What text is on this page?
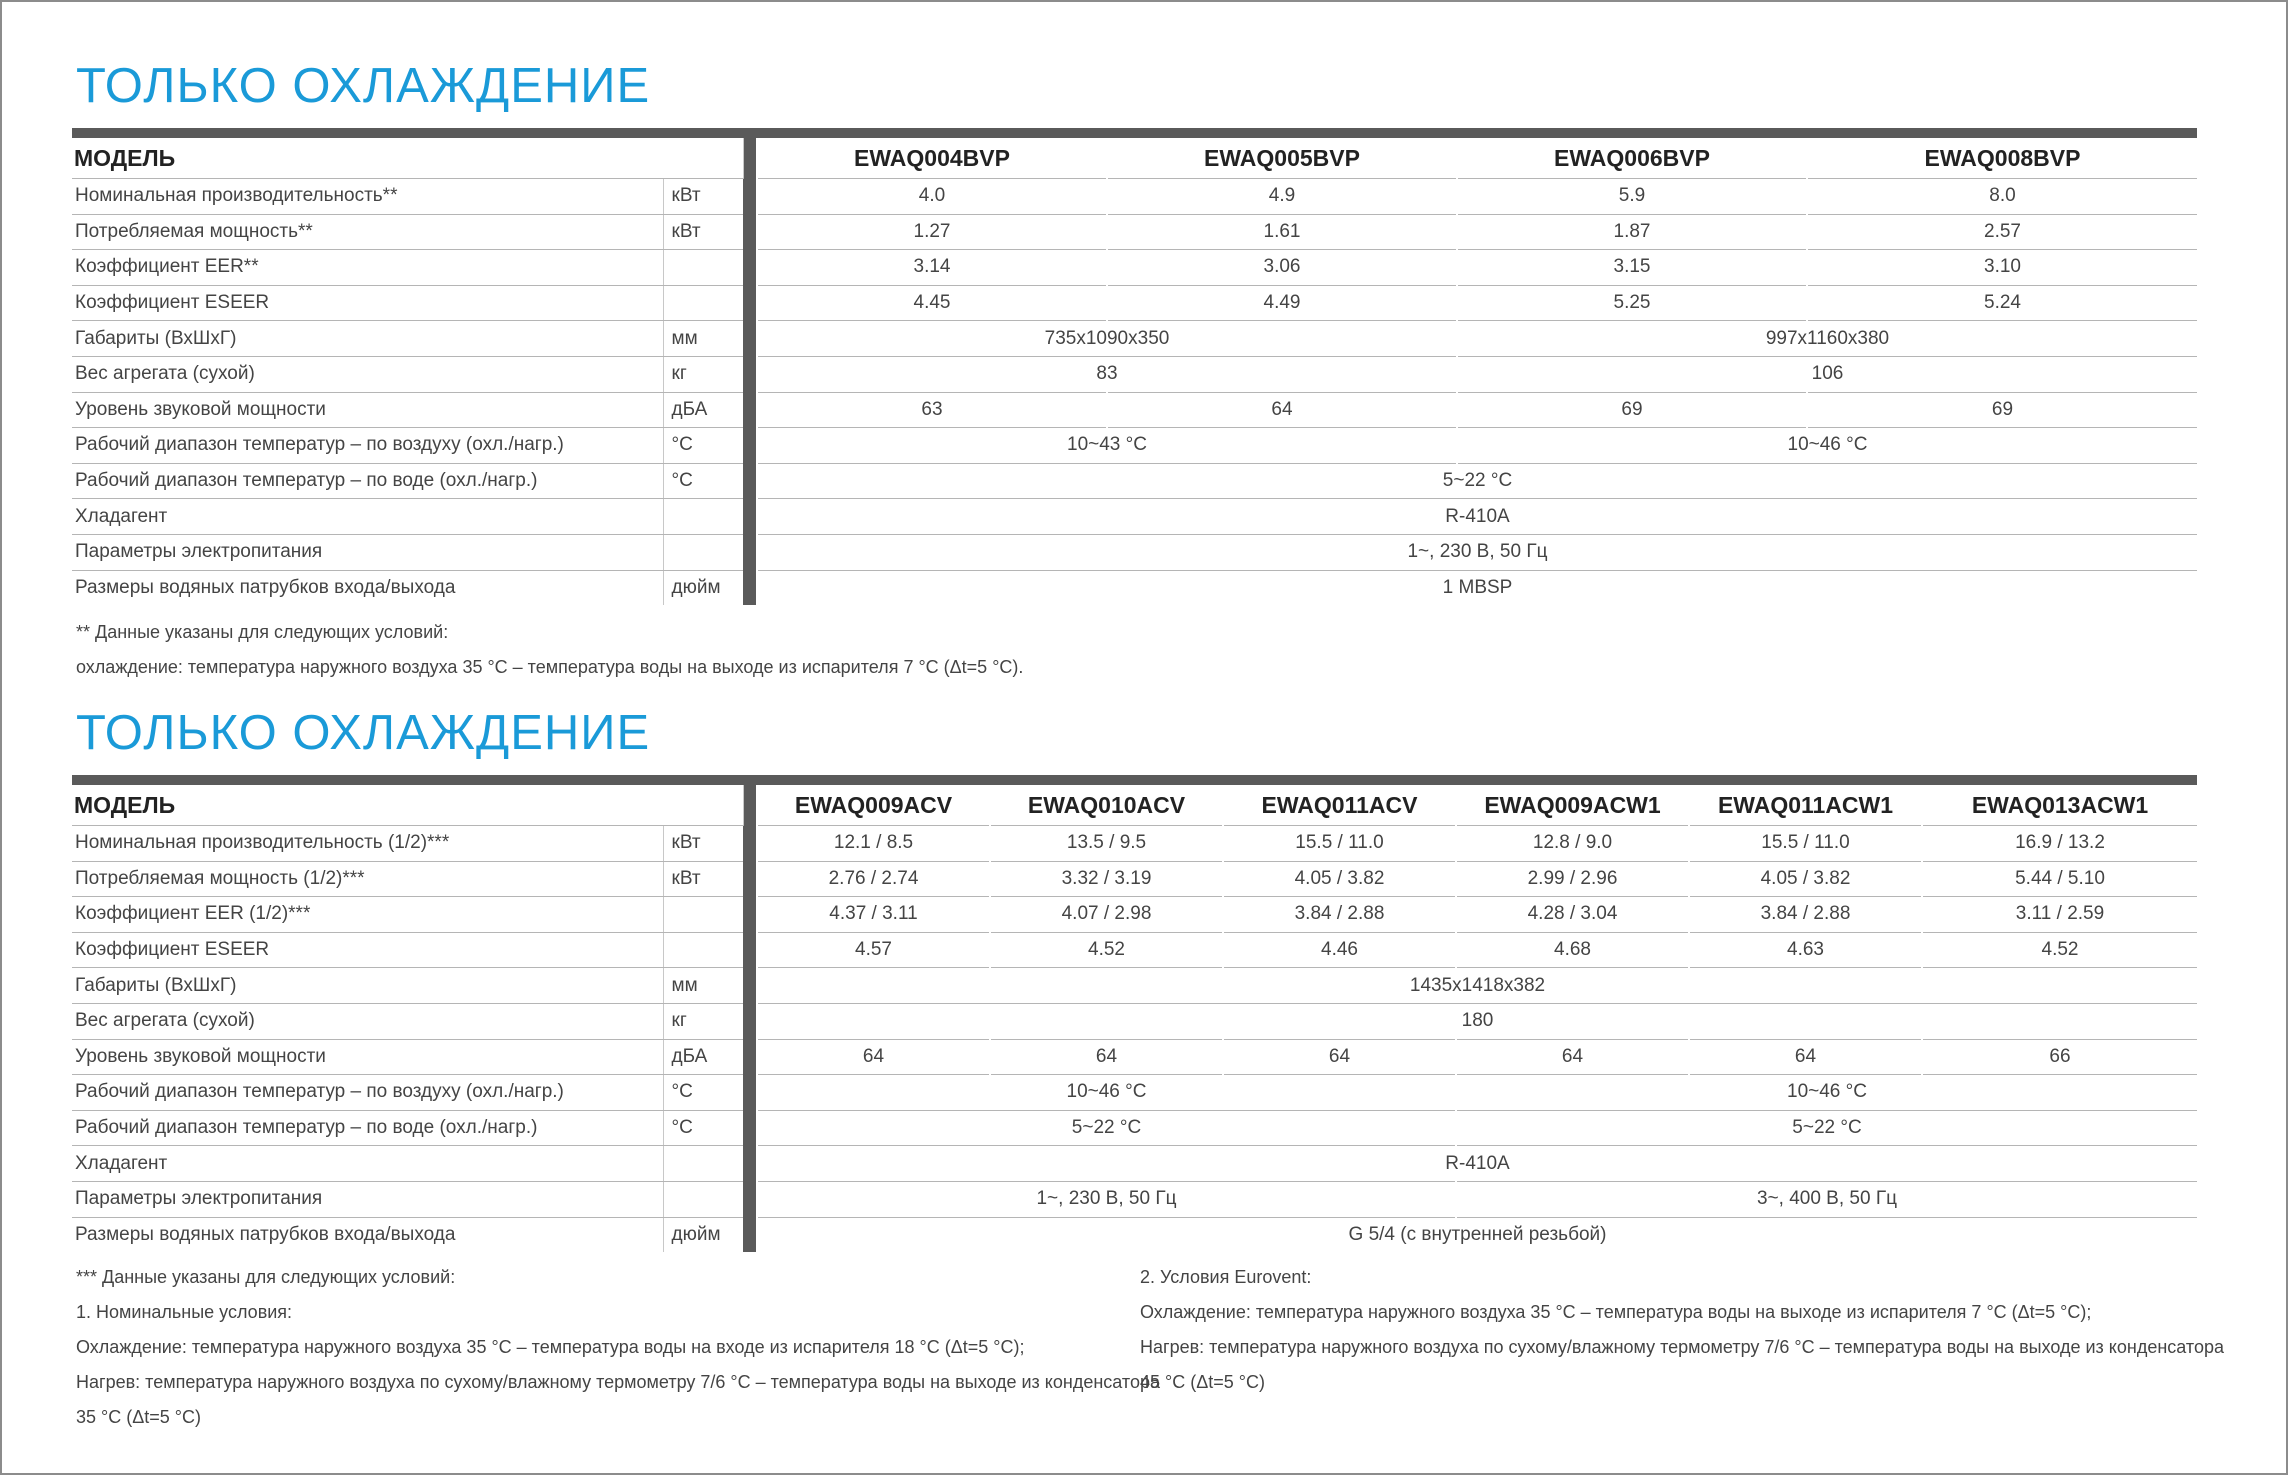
ТОЛЬКО ОХЛАЖДЕНИЕ

МОДЕЛЬ			EWAQ004BVP	EWAQ005BVP	EWAQ006BVP	EWAQ008BVP
Номинальная производительность**	кВт		4.0	4.9	5.9	8.0
Потребляемая мощность**	кВт		1.27	1.61	1.87	2.57
Коэффициент EER**			3.14	3.06	3.15	3.10
Коэффициент ESEER			4.45	4.49	5.25	5.24
Габариты (ВхШхГ)	мм		735x1090x350		997x1160x380	
Вес агрегата (сухой)	кг		83		106	
Уровень звуковой мощности	дБА		63	64	69	69
Рабочий диапазон температур – по воздуху (охл./нагр.)	°C		10~43 °C		10~46 °C	
Рабочий диапазон температур – по воде (охл./нагр.)	°C		5~22 °C			
Хладагент			R-410A			
Параметры электропитания			1~, 230 В, 50 Гц			
Размеры водяных патрубков входа/выхода	дюйм		1 MBSP			
** Данные указаны для следующих условий:
охлаждение: температура наружного воздуха 35 °C – температура воды на выходе из испарителя 7 °C (Δt=5 °C).
ТОЛЬКО ОХЛАЖДЕНИЕ

МОДЕЛЬ			EWAQ009ACV	EWAQ010ACV	EWAQ011ACV	EWAQ009ACW1	EWAQ011ACW1	EWAQ013ACW1
Номинальная производительность (1/2)***	кВт		12.1 / 8.5	13.5 / 9.5	15.5 / 11.0	12.8 / 9.0	15.5 / 11.0	16.9 / 13.2
Потребляемая мощность (1/2)***	кВт		2.76 / 2.74	3.32 / 3.19	4.05 / 3.82	2.99 / 2.96	4.05 / 3.82	5.44 / 5.10
Коэффициент EER (1/2)***			4.37 / 3.11	4.07 / 2.98	3.84 / 2.88	4.28 / 3.04	3.84 / 2.88	3.11 / 2.59
Коэффициент ESEER			4.57	4.52	4.46	4.68	4.63	4.52
Габариты (ВхШхГ)	мм		1435x1418x382					
Вес агрегата (сухой)	кг		180					
Уровень звуковой мощности	дБА		64	64	64	64	64	66
Рабочий диапазон температур – по воздуху (охл./нагр.)	°C		10~46 °C			10~46 °C		
Рабочий диапазон температур – по воде (охл./нагр.)	°C		5~22 °C			5~22 °C		
Хладагент			R-410A					
Параметры электропитания			1~, 230 В, 50 Гц			3~, 400 В, 50 Гц		
Размеры водяных патрубков входа/выхода	дюйм		G 5/4 (с внутренней резьбой)					
*** Данные указаны для следующих условий:
1. Номинальные условия:
Охлаждение: температура наружного воздуха 35 °C – температура воды на входе из испарителя 18 °C (Δt=5 °C);
Нагрев: температура наружного воздуха по сухому/влажному термометру 7/6 °C – температура воды на выходе из конденсатора
35 °C (Δt=5 °C)
2. Условия Eurovent:
Охлаждение: температура наружного воздуха 35 °C – температура воды на выходе из испарителя 7 °C (Δt=5 °C);
Нагрев: температура наружного воздуха по сухому/влажному термометру 7/6 °C – температура воды на выходе из конденсатора
45 °C (Δt=5 °C)
